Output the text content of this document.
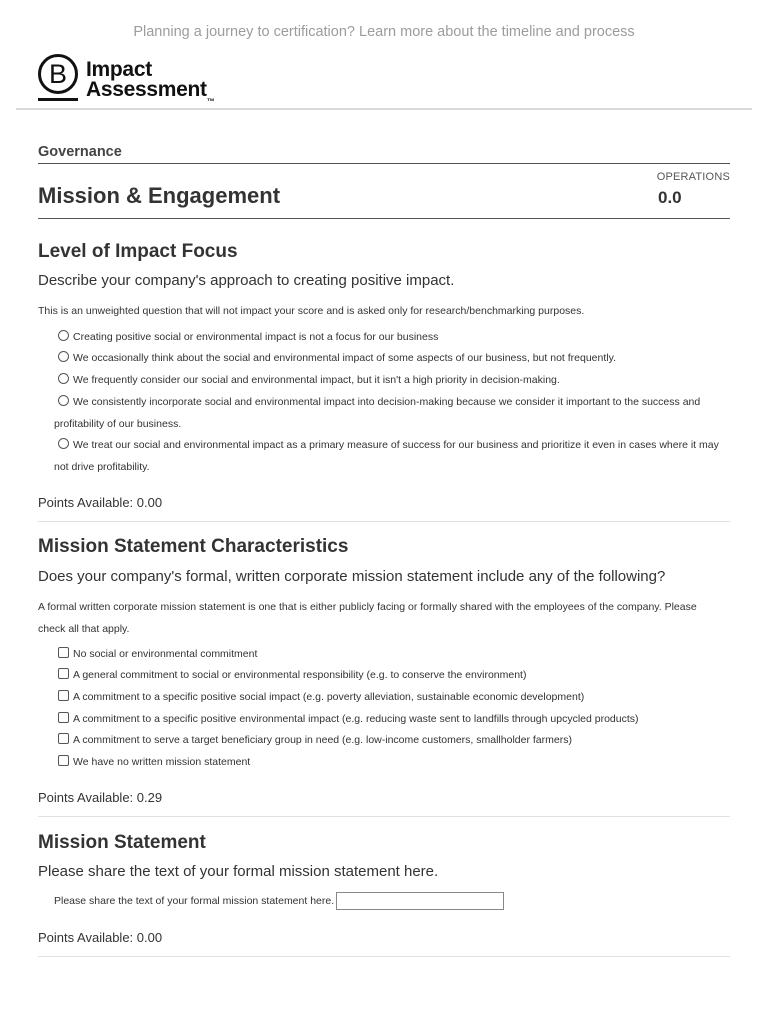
Planning a journey to certification? Learn more about the timeline and process
B Impact
Assessment™
Governance
Mission & Engagement
OPERATIONS
0.0
Level of Impact Focus
Describe your company's approach to creating positive impact.
This is an unweighted question that will not impact your score and is asked only for research/benchmarking purposes.
Creating positive social or environmental impact is not a focus for our business
We occasionally think about the social and environmental impact of some aspects of our business, but not frequently.
We frequently consider our social and environmental impact, but it isn't a high priority in decision-making.
We consistently incorporate social and environmental impact into decision-making because we consider it important to the success and profitability of our business.
We treat our social and environmental impact as a primary measure of success for our business and prioritize it even in cases where it may not drive profitability.
Points Available: 0.00
Mission Statement Characteristics
Does your company's formal, written corporate mission statement include any of the following?
A formal written corporate mission statement is one that is either publicly facing or formally shared with the employees of the company. Please check all that apply.
No social or environmental commitment
A general commitment to social or environmental responsibility (e.g. to conserve the environment)
A commitment to a specific positive social impact (e.g. poverty alleviation, sustainable economic development)
A commitment to a specific positive environmental impact (e.g. reducing waste sent to landfills through upcycled products)
A commitment to serve a target beneficiary group in need (e.g. low-income customers, smallholder farmers)
We have no written mission statement
Points Available: 0.29
Mission Statement
Please share the text of your formal mission statement here.
Please share the text of your formal mission statement here.
Points Available: 0.00
